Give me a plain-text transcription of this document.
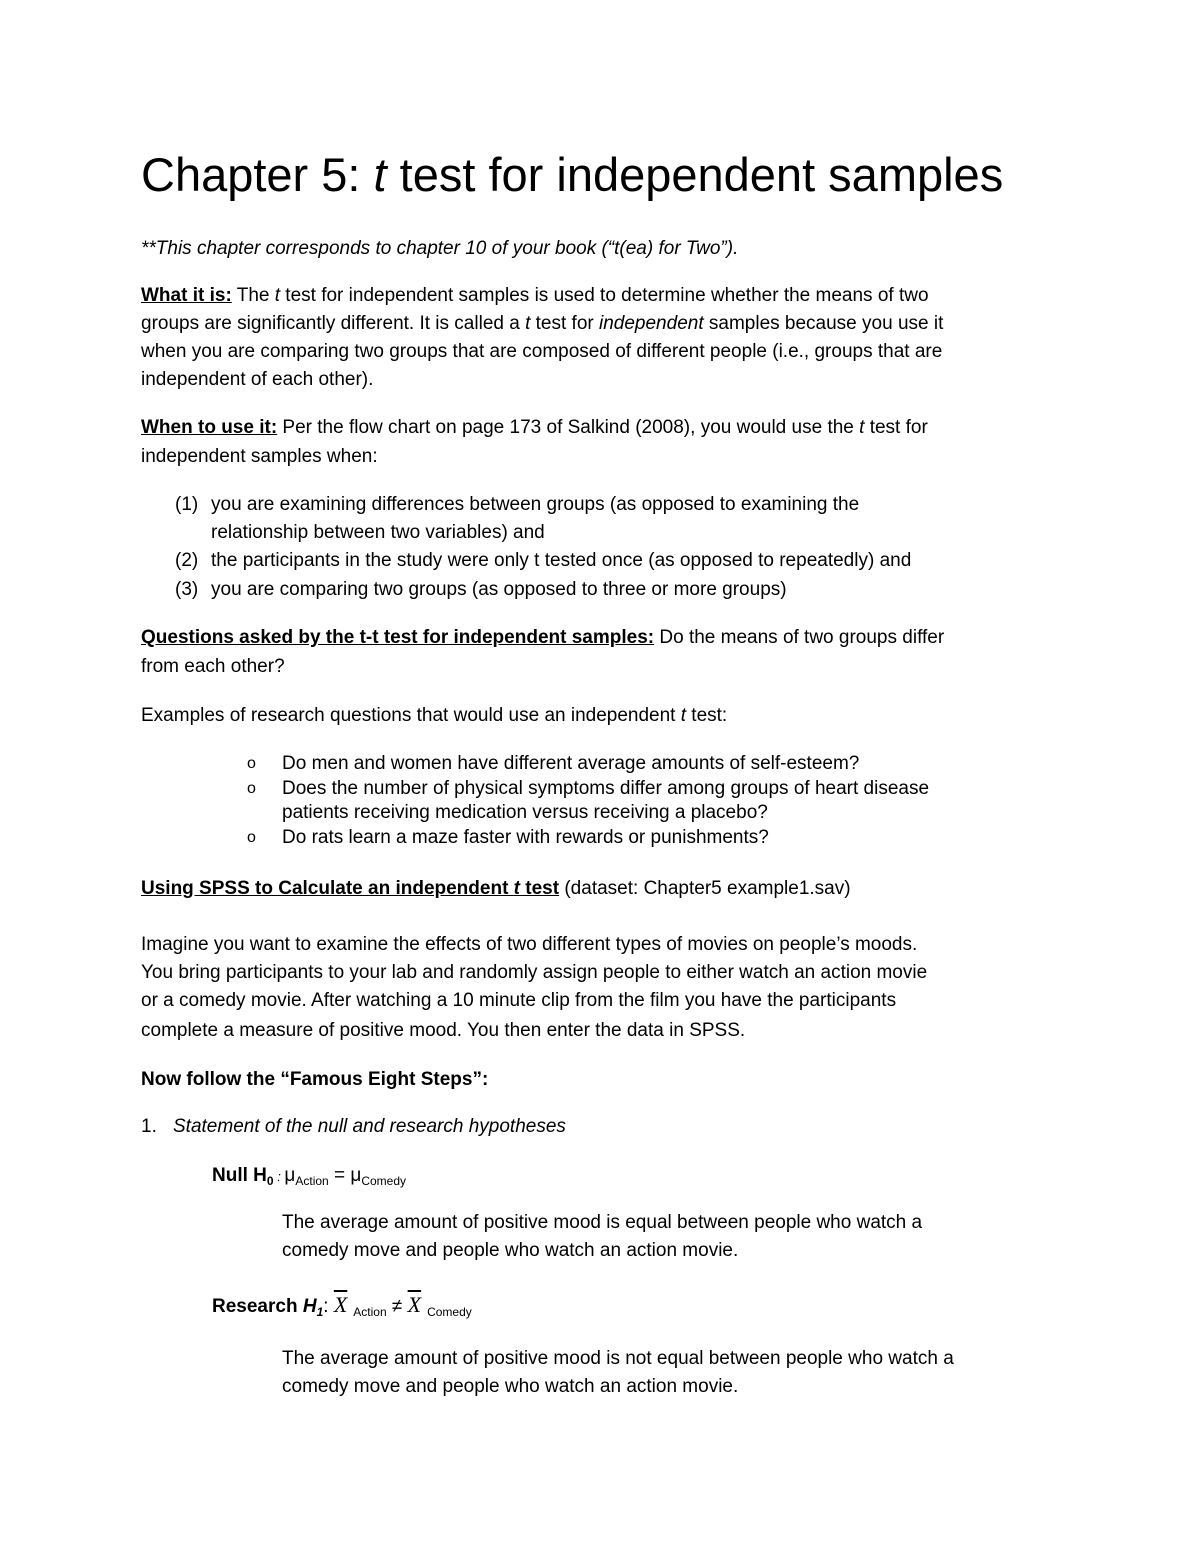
Chapter 5: t test for independent samples
**This chapter corresponds to chapter 10 of your book (“t(ea) for Two”).
What it is: The t test for independent samples is used to determine whether the means of two
groups are significantly different. It is called a t test for independent samples because you use it
when you are comparing two groups that are composed of different people (i.e., groups that are
independent of each other).
When to use it: Per the flow chart on page 173 of Salkind (2008), you would use the t test for
independent samples when:
(1) you are examining differences between groups (as opposed to examining the
relationship between two variables) and
(2) the participants in the study were only t tested once (as opposed to repeatedly) and
(3) you are comparing two groups (as opposed to three or more groups)
Questions asked by the t-t test for independent samples: Do the means of two groups differ
from each other?
Examples of research questions that would use an independent t test:
o Do men and women have different average amounts of self-esteem?
o Does the number of physical symptoms differ among groups of heart disease
patients receiving medication versus receiving a placebo?
o Do rats learn a maze faster with rewards or punishments?
Using SPSS to Calculate an independent t test (dataset: Chapter5 example1.sav)
Imagine you want to examine the effects of two different types of movies on people’s moods.
You bring participants to your lab and randomly assign people to either watch an action movie
or a comedy movie. After watching a 10 minute clip from the film you have the participants
complete a measure of positive mood. You then enter the data in SPSS.
Now follow the “Famous Eight Steps”:
1. Statement of the null and research hypotheses
Null $H_0$ : $\mu_{Action} = \mu_{Comedy}$
The average amount of positive mood is equal between people who watch a
comedy move and people who watch an action movie.
Research $H_1$: $\overline{X}$ $_{Action} \ne \overline{X}$ $_{Comedy}$
The average amount of positive mood is not equal between people who watch a
comedy move and people who watch an action movie.
